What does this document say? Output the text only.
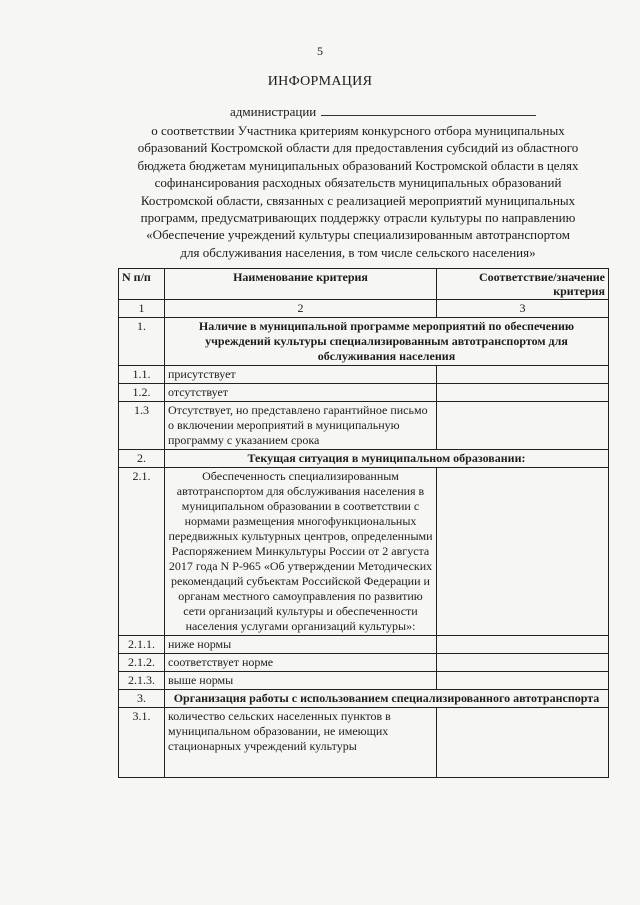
5
ИНФОРМАЦИЯ
администрации
о соответствии Участника критериям конкурсного отбора муниципальных
образований Костромской области для предоставления субсидий из областного
бюджета бюджетам муниципальных образований Костромской области в целях
софинансирования расходных обязательств муниципальных образований
Костромской области, связанных с реализацией мероприятий муниципальных
программ, предусматривающих поддержку отрасли культуры по направлению
«Обеспечение учреждений культуры специализированным автотранспортом
для обслуживания населения, в том числе сельского населения»
N п/п	Наименование критерия	Соответствие/значение критерия
1	2	3
1.	Наличие в муниципальной программе мероприятий по обеспечению учреждений культуры специализированным автотранспортом для обслуживания населения	
1.1.	присутствует	
1.2.	отсутствует	
1.3	Отсутствует, но представлено гарантийное письмо о включении мероприятий в муниципальную программу с указанием срока	
2.	Текущая ситуация в муниципальном образовании:	
2.1.	Обеспеченность специализированным автотранспортом для обслуживания населения в муниципальном образовании в соответствии с нормами размещения многофункциональных передвижных культурных центров, определенными Распоряжением Минкультуры России от 2 августа 2017 года N Р-965 «Об утверждении Методических рекомендаций субъектам Российской Федерации и органам местного самоуправления по развитию сети организаций культуры и обеспеченности населения услугами организаций культуры»:	
2.1.1.	ниже нормы	
2.1.2.	соответствует норме	
2.1.3.	выше нормы	
3.	Организация работы с использованием специализированного автотранспорта	
3.1.	количество сельских населенных пунктов в муниципальном образовании, не имеющих стационарных учреждений культуры	
